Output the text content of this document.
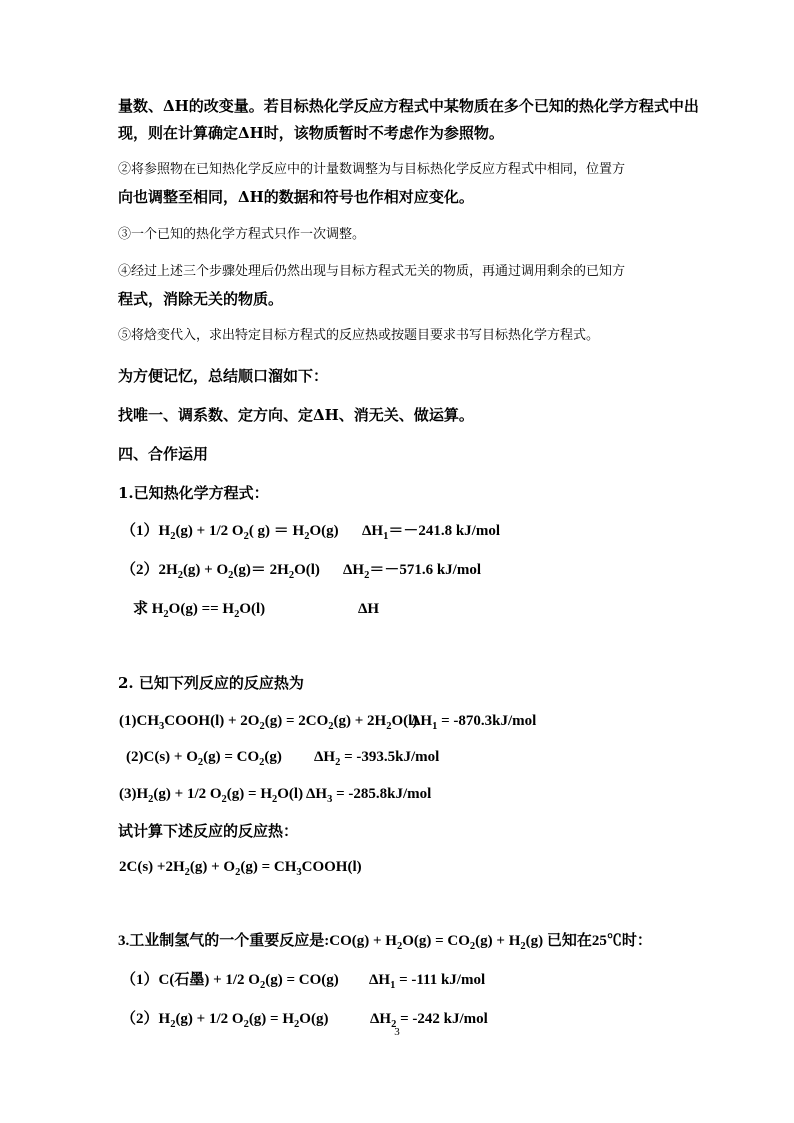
量数、ΔH的改变量。若目标热化学反应方程式中某物质在多个已知的热化学方程式中出
现，则在计算确定ΔH时，该物质暂时不考虑作为参照物。
②将参照物在已知热化学反应中的计量数调整为与目标热化学反应方程式中相同，位置方
向也调整至相同，ΔH的数据和符号也作相对应变化。
③一个已知的热化学方程式只作一次调整。
④经过上述三个步骤处理后仍然出现与目标方程式无关的物质，再通过调用剩余的已知方
程式，消除无关的物质。
⑤将焓变代入，求出特定目标方程式的反应热或按题目要求书写目标热化学方程式。
为方便记忆，总结顺口溜如下：
找唯一、调系数、定方向、定ΔH、消无关、做运算。
四、合作运用
1.已知热化学方程式：
$(1)H_2(g) + 1/2$ $O_2$( $g) = H_2O(g)$ $\Delta H_1=-241.8$ kJ/mol
$(2)2H_2(g) + O_2(g)= 2H_2O(l)$ $\Delta H_2=-571.6$ kJ/mol
求 $H_2O(g) == H_2O(l)$	ΔH
2. 已知下列反应的反应热为
$(1)CH_3COOH(l) + 2O_2(g) = 2CO_2(g) + 2H_2O(l)$
$\Delta H_1 = -870.3kJ/mol$
$(2)C(s) + O_2(g) = CO_2(g) \Delta H_2 = -393.5kJ/mol$
$(3)H_2(g) + 1/2$ $O_2(g) = H_2O(l) \Delta H_3 = -285.8kJ/mol$
试计算下述反应的反应热：
$2C(s) +2H_2(g) + O_2(g)$ = $CH_3COOH(l)$
3.工业制氢气的一个重要反应是:CO(g) + $H_2O(g) = CO_2(g) + H_2(g)$ 已知在25℃时：
（1）C(石墨) + 1/2 $O_2(g) = CO(g) \Delta H_1 = -111$ kJ/mol
$(2)H_2(g) + 1/2$ $O_2(g) = H_2O(g)$	$\Delta H_2 = -242$ kJ/mol
3
